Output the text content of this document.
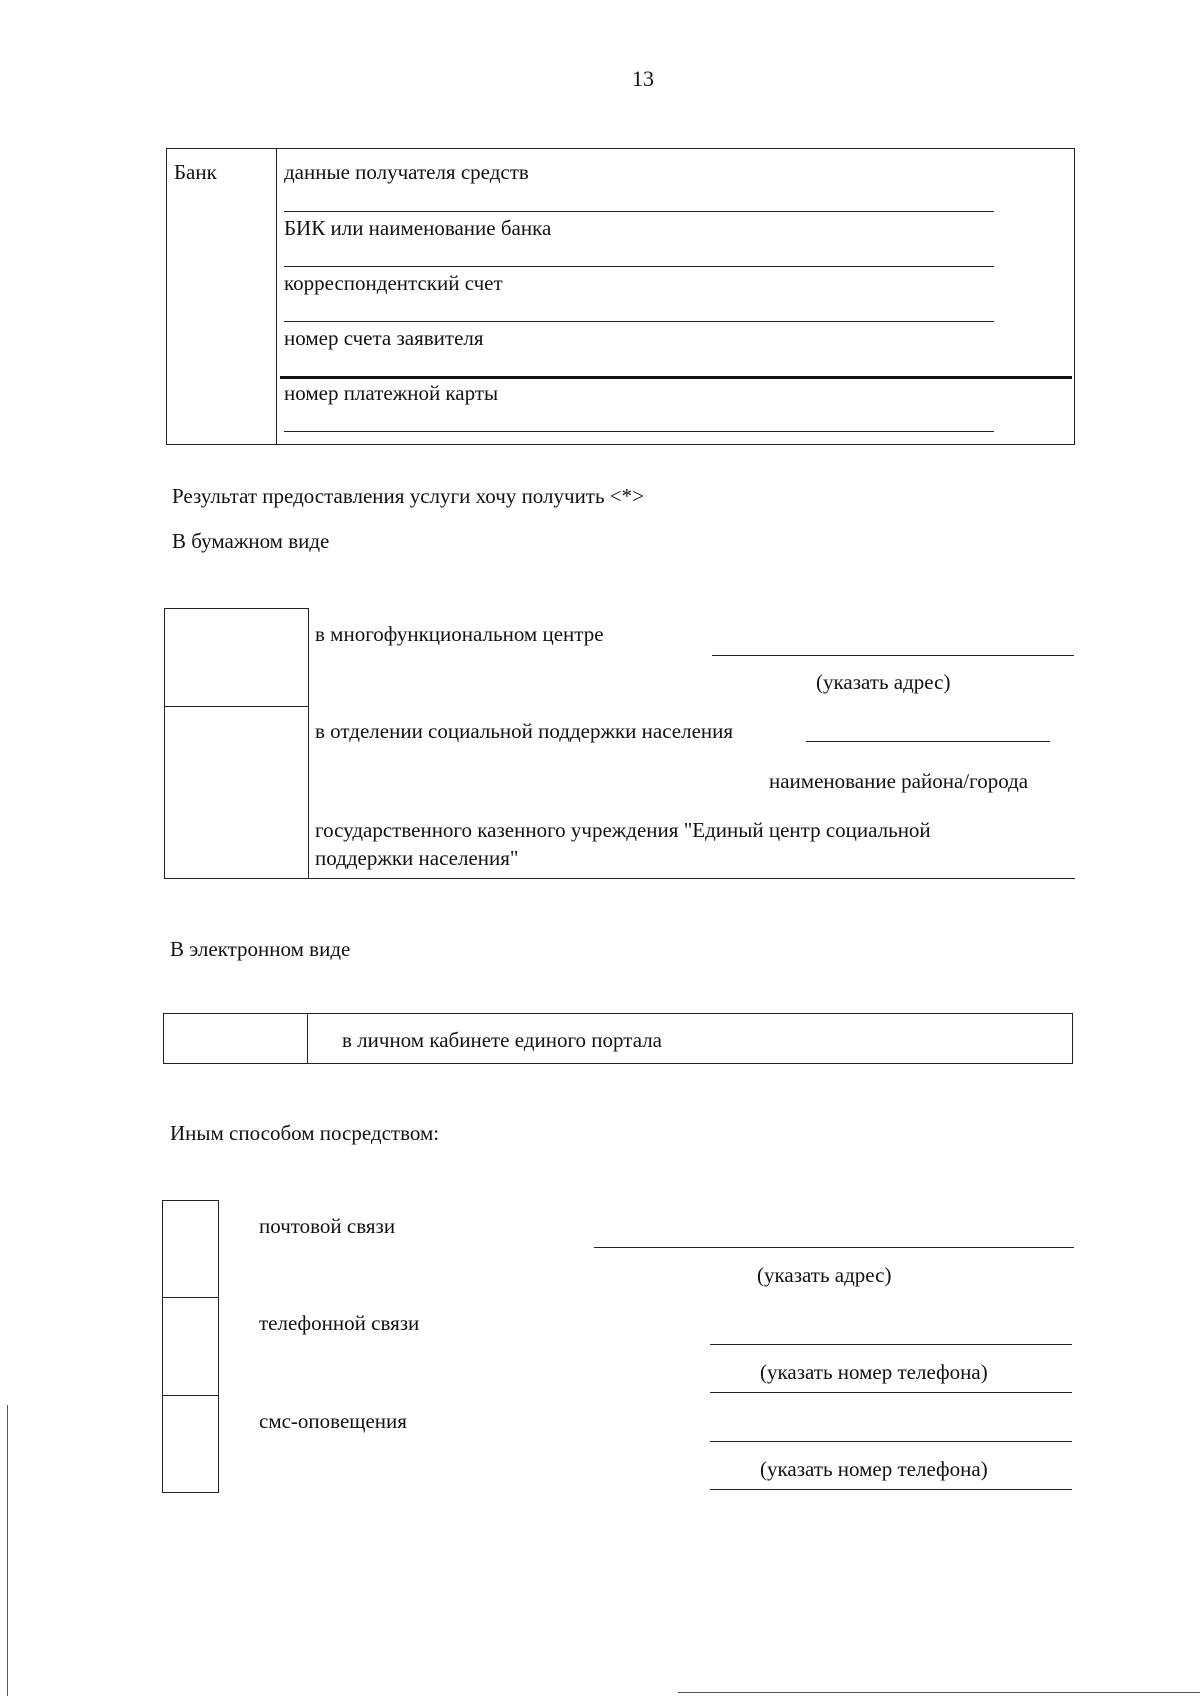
13
Банк	данные получателя средств
БИК или наименование банка
корреспондентский счет
номер счета заявителя
номер платежной карты
Результат предоставления услуги хочу получить <*>
В бумажном виде
в многофункциональном центре
(указать адрес)
в отделении социальной поддержки населения
наименование района/города
государственного казенного учреждения "Единый центр социальной
поддержки населения"
В электронном виде
в личном кабинете единого портала
Иным способом посредством:
почтовой связи
(указать адрес)
телефонной связи
(указать номер телефона)
смс-оповещения
(указать номер телефона)
